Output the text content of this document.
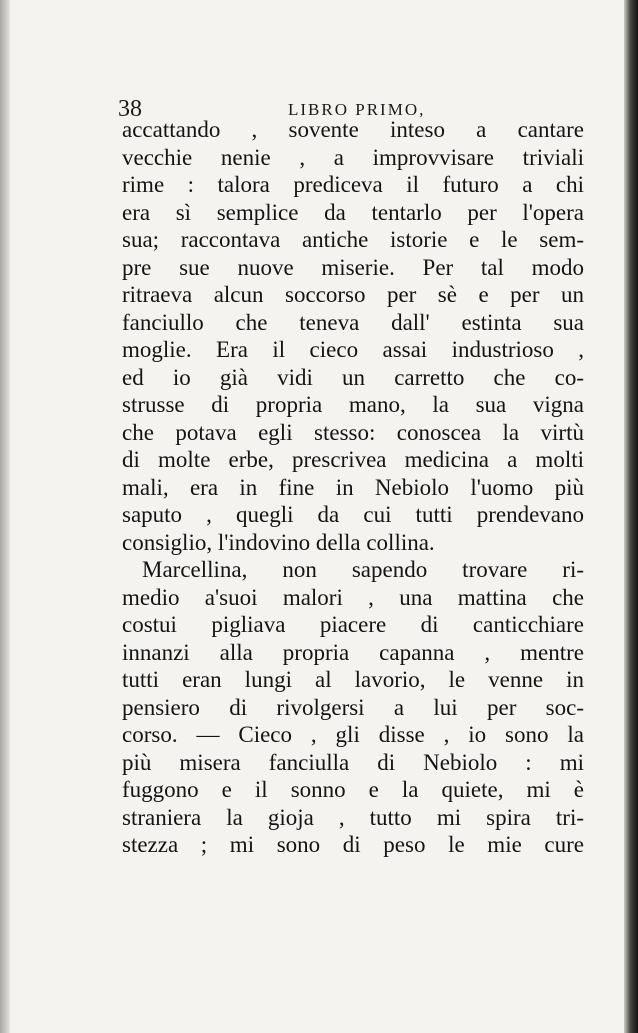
38	LIBRO PRIMO,
accattando , sovente inteso a cantare
vecchie nenie , a improvvisare triviali
rime : talora prediceva il futuro a chi
era sì semplice da tentarlo per l'opera
sua; raccontava antiche istorie e le sem-
pre sue nuove miserie. Per tal modo
ritraeva alcun soccorso per sè e per un
fanciullo che teneva dall' estinta sua
moglie. Era il cieco assai industrioso ,
ed io già vidi un carretto che co-
strusse di propria mano, la sua vigna
che potava egli stesso: conoscea la virtù
di molte erbe, prescrivea medicina a molti
mali, era in fine in Nebiolo l'uomo più
saputo , quegli da cui tutti prendevano
consiglio, l'indovino della collina.
Marcellina, non sapendo trovare ri-
medio a'suoi malori , una mattina che
costui pigliava piacere di canticchiare
innanzi alla propria capanna , mentre
tutti eran lungi al lavorio, le venne in
pensiero di rivolgersi a lui per soc-
corso. — Cieco , gli disse , io sono la
più misera fanciulla di Nebiolo : mi
fuggono e il sonno e la quiete, mi è
straniera la gioja , tutto mi spira tri-
stezza ; mi sono di peso le mie cure
